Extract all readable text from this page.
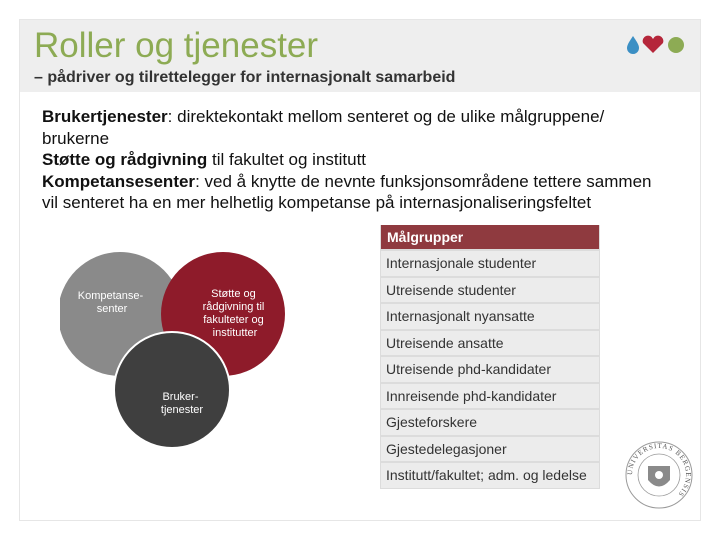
Roller og tjenester
– pådriver og tilrettelegger for internasjonalt samarbeid

Brukertjenester: direktekontakt mellom senteret og de ulike målgruppene/ brukerne

Støtte og rådgivning til fakultet og institutt

Kompetansesenter: ved å knytte de nevnte funksjonsområdene tettere sammen vil senteret ha en mer helhetlig kompetanse på internasjonaliseringsfeltet

Kompetanse- senter
Støtte og rådgivning til fakulteter og institutter
Bruker- tjenester
Målgrupper
Internasjonale studenter
Utreisende studenter
Internasjonalt nyansatte
Utreisende ansatte
Utreisende phd-kandidater
Innreisende phd-kandidater
Gjesteforskere
Gjestedelegasjoner
Institutt/fakultet; adm. og ledelse	UNIVERSITAS BERGENSIS
